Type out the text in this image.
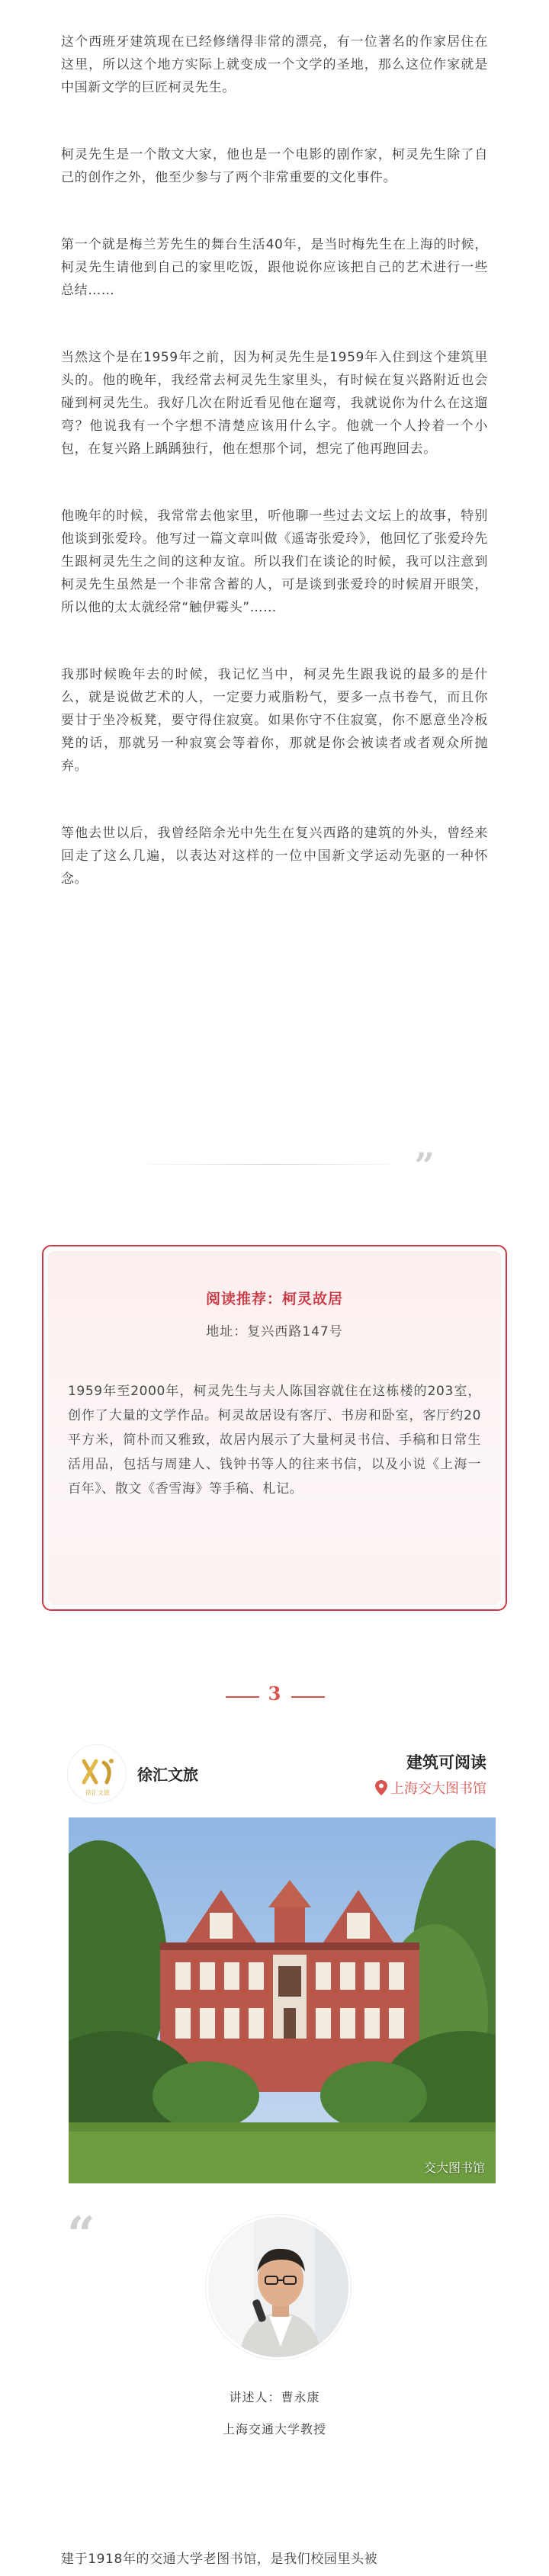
这个西班牙建筑现在已经修缮得非常的漂亮，有一位著名的作家居住在这里，所以这个地方实际上就变成一个文学的圣地，那么这位作家就是中国新文学的巨匠柯灵先生。

柯灵先生是一个散文大家，他也是一个电影的剧作家，柯灵先生除了自己的创作之外，他至少参与了两个非常重要的文化事件。

第一个就是梅兰芳先生的舞台生活40年，是当时梅先生在上海的时候，柯灵先生请他到自己的家里吃饭，跟他说你应该把自己的艺术进行一些总结……

当然这个是在1959年之前，因为柯灵先生是1959年入住到这个建筑里头的。他的晚年，我经常去柯灵先生家里头，有时候在复兴路附近也会碰到柯灵先生。我好几次在附近看见他在遛弯，我就说你为什么在这遛弯？他说我有一个字想不清楚应该用什么字。他就一个人拎着一个小包，在复兴路上踽踽独行，他在想那个词，想完了他再跑回去。

他晚年的时候，我常常去他家里，听他聊一些过去文坛上的故事，特别他谈到张爱玲。他写过一篇文章叫做《遥寄张爱玲》，他回忆了张爱玲先生跟柯灵先生之间的这种友谊。所以我们在谈论的时候，我可以注意到柯灵先生虽然是一个非常含蓄的人，可是谈到张爱玲的时候眉开眼笑，所以他的太太就经常“触伊霉头”……

我那时候晚年去的时候，我记忆当中，柯灵先生跟我说的最多的是什么，就是说做艺术的人，一定要力戒脂粉气，要多一点书卷气，而且你要甘于坐冷板凳，要守得住寂寞。如果你守不住寂寞，你不愿意坐冷板凳的话，那就另一种寂寞会等着你，那就是你会被读者或者观众所抛弃。

等他去世以后，我曾经陪余光中先生在复兴西路的建筑的外头，曾经来回走了这么几遍，以表达对这样的一位中国新文学运动先驱的一种怀念。

”
阅读推荐：柯灵故居
地址：复兴西路147号
1959年至2000年，柯灵先生与夫人陈国容就住在这栋楼的203室，创作了大量的文学作品。柯灵故居设有客厅、书房和卧室，客厅约20平方米，简朴而又雅致，故居内展示了大量柯灵书信、手稿和日常生活用品，包括与周建人、钱钟书等人的往来书信，以及小说《上海一百年》、散文《香雪海》等手稿、札记。
3
徐汇文旅
徐汇文旅
建筑可阅读
上海交大图书馆
交大图书馆
“
讲述人：曹永康
上海交通大学教授
建于1918年的交通大学老图书馆，是我们校园里头被
